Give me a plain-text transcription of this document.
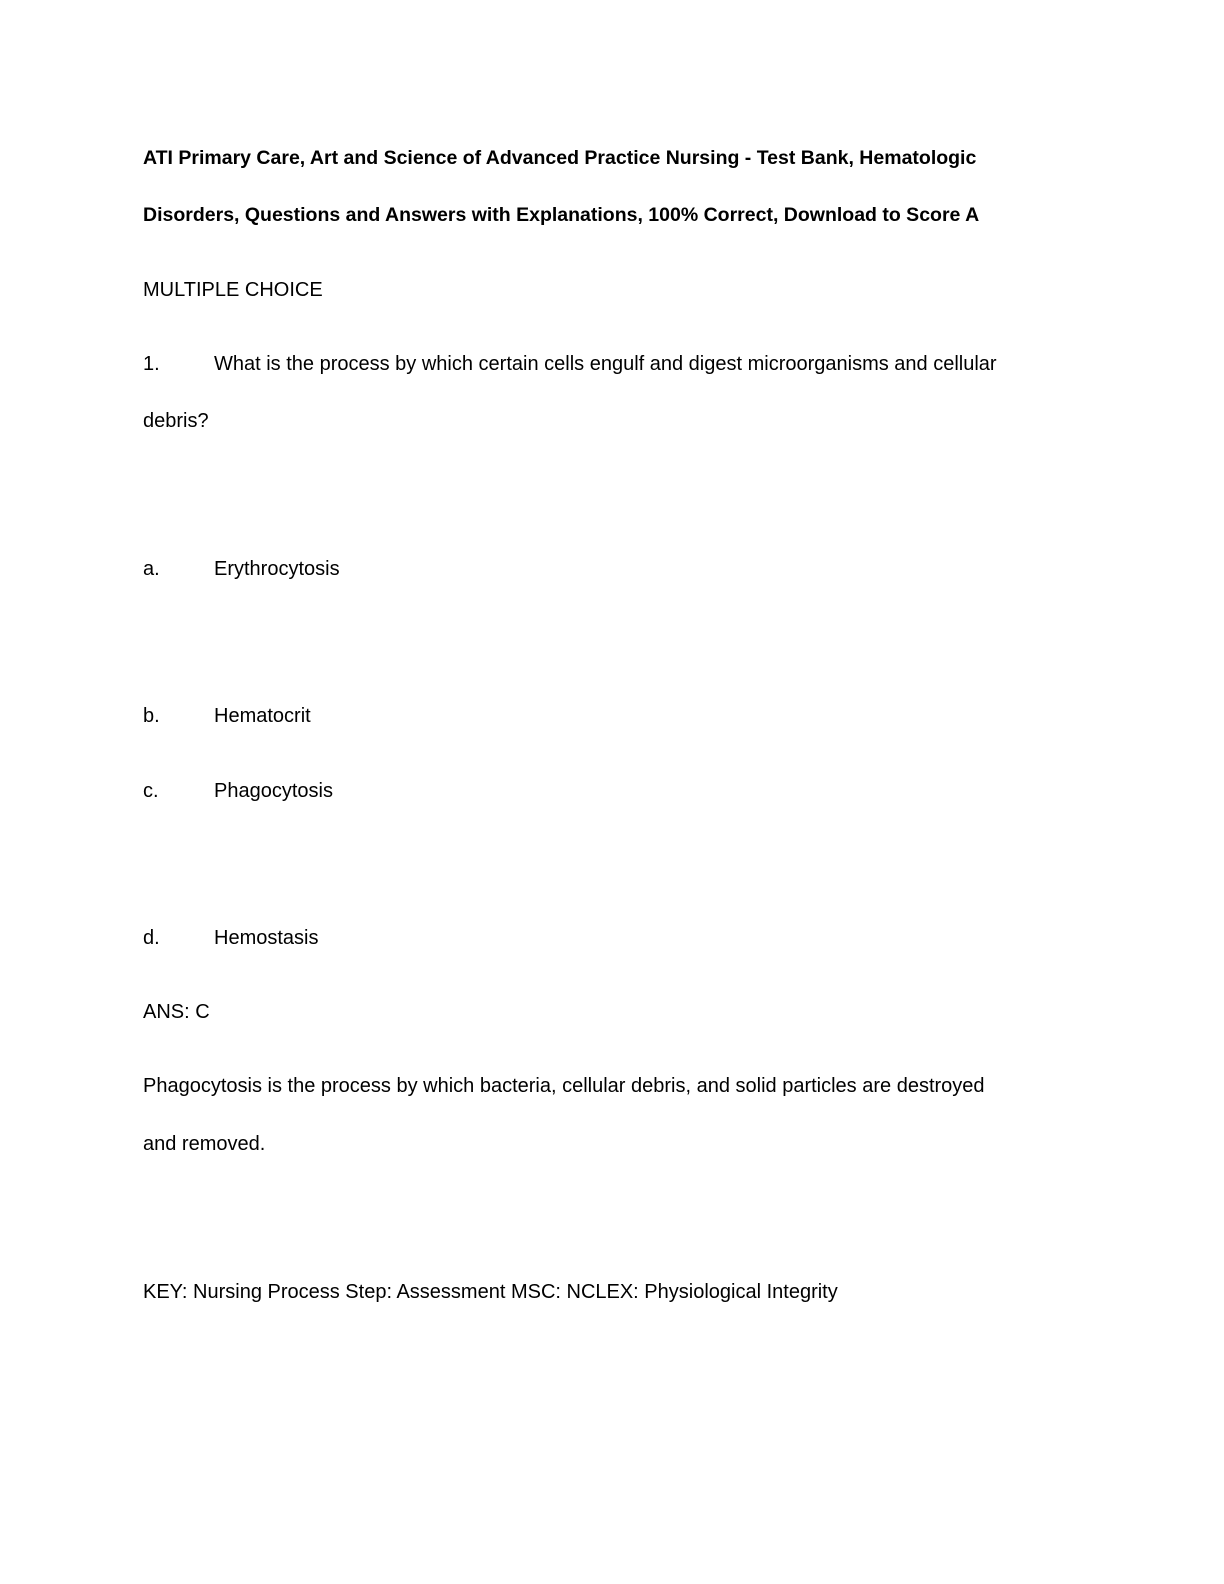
ATI Primary Care, Art and Science of Advanced Practice Nursing - Test Bank, Hematologic
Disorders, Questions and Answers with Explanations, 100% Correct, Download to Score A
MULTIPLE CHOICE
1.	What is the process by which certain cells engulf and digest microorganisms and cellular
debris?
a.	Erythrocytosis
b.	Hematocrit
c.	Phagocytosis
d.	Hemostasis
ANS: C
Phagocytosis is the process by which bacteria, cellular debris, and solid particles are destroyed
and removed.
KEY: Nursing Process Step: Assessment MSC: NCLEX: Physiological Integrity
